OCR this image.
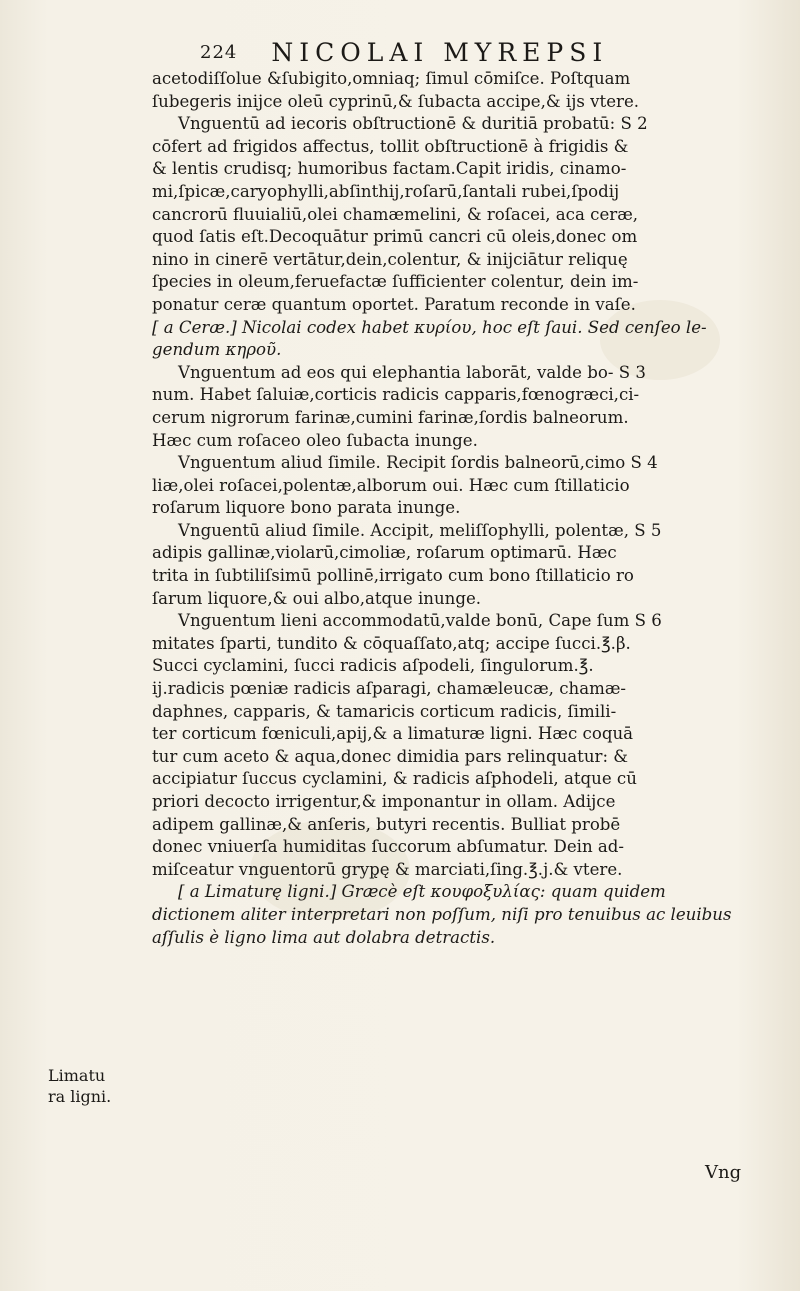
224 NICOLAI MYREPSI
acetodiſſolue &ſubigito,omniaq; ſimul cōmiſce. Poſtquam
ſubegeris inijce oleū cyprinū,& ſubacta accipe,& ijs vtere.
Vnguentū ad iecoris obſtructionē & duritiā probatū: S 2
cōfert ad frigidos affectus, tollit obſtructionē à frigidis &
& lentis crudisq; humoribus factam.Capit iridis, cinamo-
mi,ſpicæ,caryophylli,abſinthij,roſarū,ſantali rubei,ſpodij
cancrorū fluuialiū,olei chamæmelini, & roſacei, aca ceræ,
quod ſatis eſt.Decoquātur primū cancri cū oleis,donec om
nino in cinerē vertātur,dein,colentur, & inijciātur reliquę
ſpecies in oleum,feruefactæ ſufficienter colentur, dein im-
ponatur ceræ quantum oportet. Paratum reconde in vaſe.
[ a Ceræ.] Nicolai codex habet κυρίου, hoc eſt ſaui. Sed cenſeo le-
gendum κηροῦ.
Vnguentum ad eos qui elephantia laborāt, valde bo- S 3
num. Habet ſaluiæ,corticis radicis capparis,fœnogræci,ci-
cerum nigrorum farinæ,cumini farinæ,ſordis balneorum.
Hæc cum roſaceo oleo ſubacta inunge.
Vnguentum aliud ſimile. Recipit ſordis balneorū,cimo S 4
liæ,olei roſacei,polentæ,alborum oui. Hæc cum ſtillaticio
roſarum liquore bono parata inunge.
Vnguentū aliud ſimile. Accipit, meliſſophylli, polentæ, S 5
adipis gallinæ,violarū,cimoliæ, roſarum optimarū. Hæc
trita in ſubtiliſsimū pollinē,irrigato cum bono ſtillaticio ro
ſarum liquore,& oui albo,atque inunge.
Vnguentum lieni accommodatū,valde bonū, Cape ſum S 6
mitates ſparti, tundito & cōquaſſato,atq; accipe ſucci.℥.β.
Succi cyclamini, ſucci radicis aſpodeli, ſingulorum.℥.
ij.radicis pœniæ radicis aſparagi, chamæleucæ, chamæ-
daphnes, capparis, & tamaricis corticum radicis, ſimili-
ter corticum fœniculi,apij,& a limaturæ ligni. Hæc coquā
tur cum aceto & aqua,donec dimidia pars relinquatur: &
accipiatur ſuccus cyclamini, & radicis aſphodeli, atque cū
priori decocto irrigentur,& imponantur in ollam. Adijce
adipem gallinæ,& anſeris, butyri recentis. Bulliat probē
donec vniuerſa humiditas ſuccorum abſumatur. Dein ad-
miſceatur vnguentorū gryp̨ę & marciati,ſing.℥.j.& vtere.
[ a Limaturę ligni.] Græcè eſt κουφοξυλίας: quam quidem
dictionem aliter interpretari non poſſum, niſi pro tenuibus ac leuibus
aſſulis è ligno lima aut dolabra detractis.
Limatu
ra ligni.
Vng
